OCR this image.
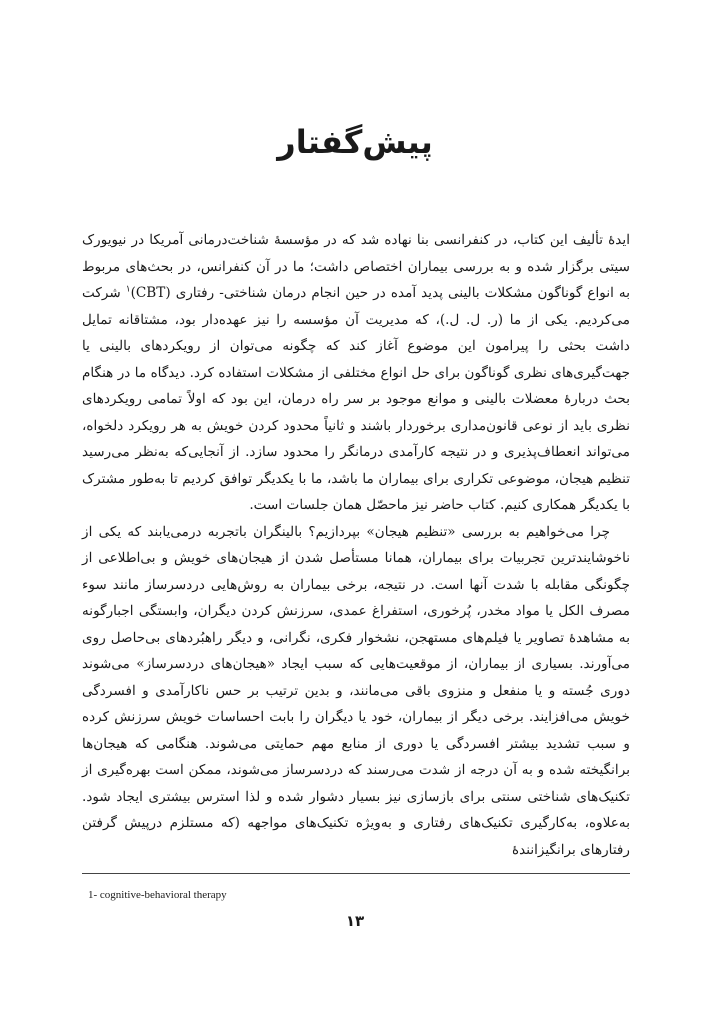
پیش‌گفتار

ایدۀ تألیف این کتاب، در کنفرانسی بنا نهاده شد که در مؤسسۀ شناخت‌درمانی آمریکا در نیویورک سیتی برگزار شده و به بررسی بیماران اختصاص داشت؛ ما در آن کنفرانس، در بحث‌های مربوط به انواع گوناگون مشکلات بالینی پدید آمده در حین انجام درمان شناختی- رفتاری (CBT)$^۱$ شرکت می‌کردیم. یکی از ما (ر. ل. ل.)، که مدیریت آن مؤسسه را نیز عهده‌دار بود، مشتاقانه تمایل داشت بحثی را پیرامون این موضوع آغاز کند که چگونه می‌توان از رویکردهای بالینی یا جهت‌گیری‌های نظری گوناگون برای حل انواع مختلفی از مشکلات استفاده کرد. دیدگاه ما در هنگام بحث دربارۀ معضلات بالینی و موانع موجود بر سر راه درمان، این بود که اولاً تمامی رویکردهای نظری باید از نوعی قانون‌مداری برخوردار باشند و ثانیاً محدود کردن خویش به هر رویکرد دلخواه، می‌تواند انعطاف‌پذیری و در نتیجه کارآمدی درمانگر را محدود سازد. از آنجایی‌که به‌نظر می‌رسید تنظیم هیجان، موضوعی تکراری برای بیماران ما باشد، ما با یکدیگر توافق کردیم تا به‌طور مشترک با یکدیگر همکاری کنیم. کتاب حاضر نیز ماحصّل همان جلسات است.

چرا می‌خواهیم به بررسی «تنظیم هیجان» بپردازیم؟ بالینگران باتجربه درمی‌یابند که یکی از ناخوشایندترین تجربیات برای بیماران، همانا مستأصل شدن از هیجان‌های خویش و بی‌اطلاعی از چگونگی مقابله با شدت آنها است. در نتیجه، برخی بیماران به روش‌هایی دردسرساز مانند سوء مصرف الکل یا مواد مخدر، پُرخوری، استفراغ عمدی، سرزنش کردن دیگران، وابستگی اجبارگونه به مشاهدۀ تصاویر یا فیلم‌های مستهجن، نشخوار فکری، نگرانی، و دیگر راهبُردهای بی‌حاصل روی می‌آورند. بسیاری از بیماران، از موقعیت‌هایی که سبب ایجاد «هیجان‌های دردسرساز» می‌شوند دوری جُسته و یا منفعل و منزوی باقی می‌مانند، و بدین ترتیب بر حس ناکارآمدی و افسردگی خویش می‌افزایند. برخی دیگر از بیماران، خود یا دیگران را بابت احساسات خویش سرزنش کرده و سبب تشدید بیشتر افسردگی یا دوری از منابع مهم حمایتی می‌شوند. هنگامی که هیجان‌ها برانگیخته شده و به آن درجه از شدت می‌رسند که دردسرساز می‌شوند، ممکن است بهره‌گیری از تکنیک‌های شناختی سنتی برای بازسازی نیز بسیار دشوار شده و لذا استرس بیشتری ایجاد شود. به‌علاوه، به‌کارگیری تکنیک‌های رفتاری و به‌ویژه تکنیک‌های مواجهه (که مستلزم درپیش گرفتن رفتارهای برانگیزانندۀ

1- cognitive-behavioral therapy
۱۳
